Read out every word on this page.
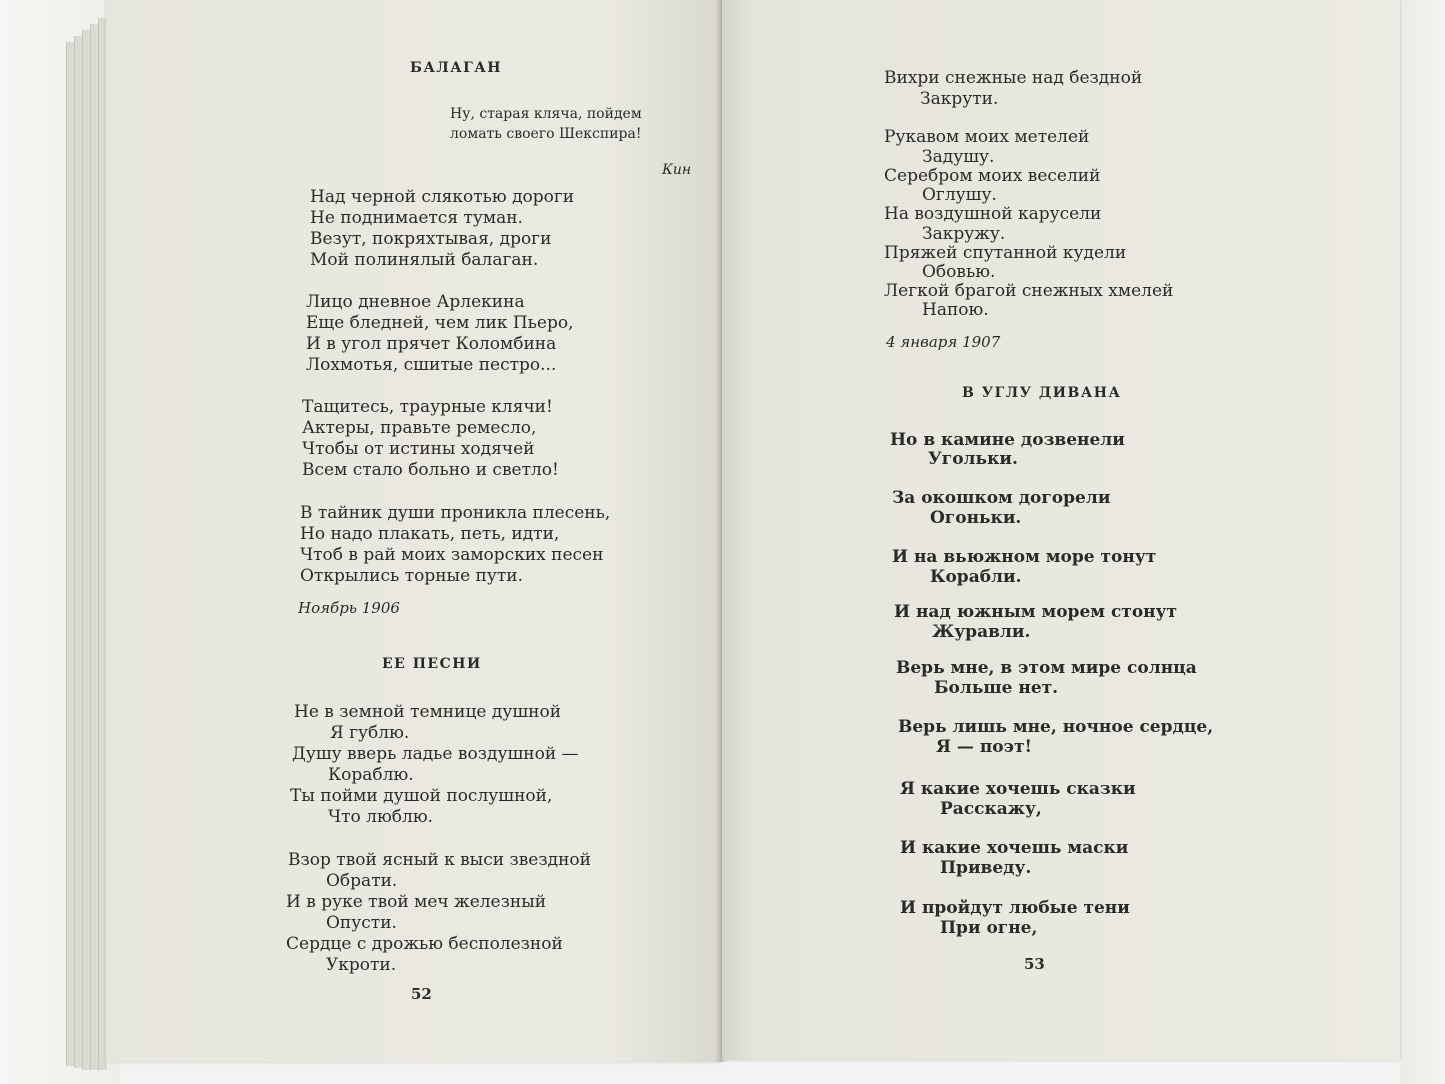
БАЛАГАН
Ну, старая кляча, пойдем
ломать своего Шекспира!
Кин
Над черной слякотью дороги
Не поднимается туман.
Везут, покряхтывая, дроги
Мой полинялый балаган.
Лицо дневное Арлекина
Еще бледней, чем лик Пьеро,
И в угол прячет Коломбина
Лохмотья, сшитые пестро...
Тащитесь, траурные клячи!
Актеры, правьте ремесло,
Чтобы от истины ходячей
Всем стало больно и светло!
В тайник души проникла плесень,
Но надо плакать, петь, идти,
Чтоб в рай моих заморских песен
Открылись торные пути.
Ноябрь 1906
ЕЕ ПЕСНИ
Не в земной темнице душной
Я гублю.
Душу вверь ладье воздушной —
Кораблю.
Ты пойми душой послушной,
Что люблю.
Взор твой ясный к выси звездной
Обрати.
И в руке твой меч железный
Опусти.
Сердце с дрожью бесполезной
Укроти.
52
Вихри снежные над бездной
Закрути.
Рукавом моих метелей
Задушу.
Серебром моих веселий
Оглушу.
На воздушной карусели
Закружу.
Пряжей спутанной кудели
Обовью.
Легкой брагой снежных хмелей
Напою.
4 января 1907
В УГЛУ ДИВАНА
Но в камине дозвенели
Угольки.
За окошком догорели
Огоньки.
И на вьюжном море тонут
Корабли.
И над южным морем стонут
Журавли.
Верь мне, в этом мире солнца
Больше нет.
Верь лишь мне, ночное сердце,
Я — поэт!
Я какие хочешь сказки
Расскажу,
И какие хочешь маски
Приведу.
И пройдут любые тени
При огне,
53
